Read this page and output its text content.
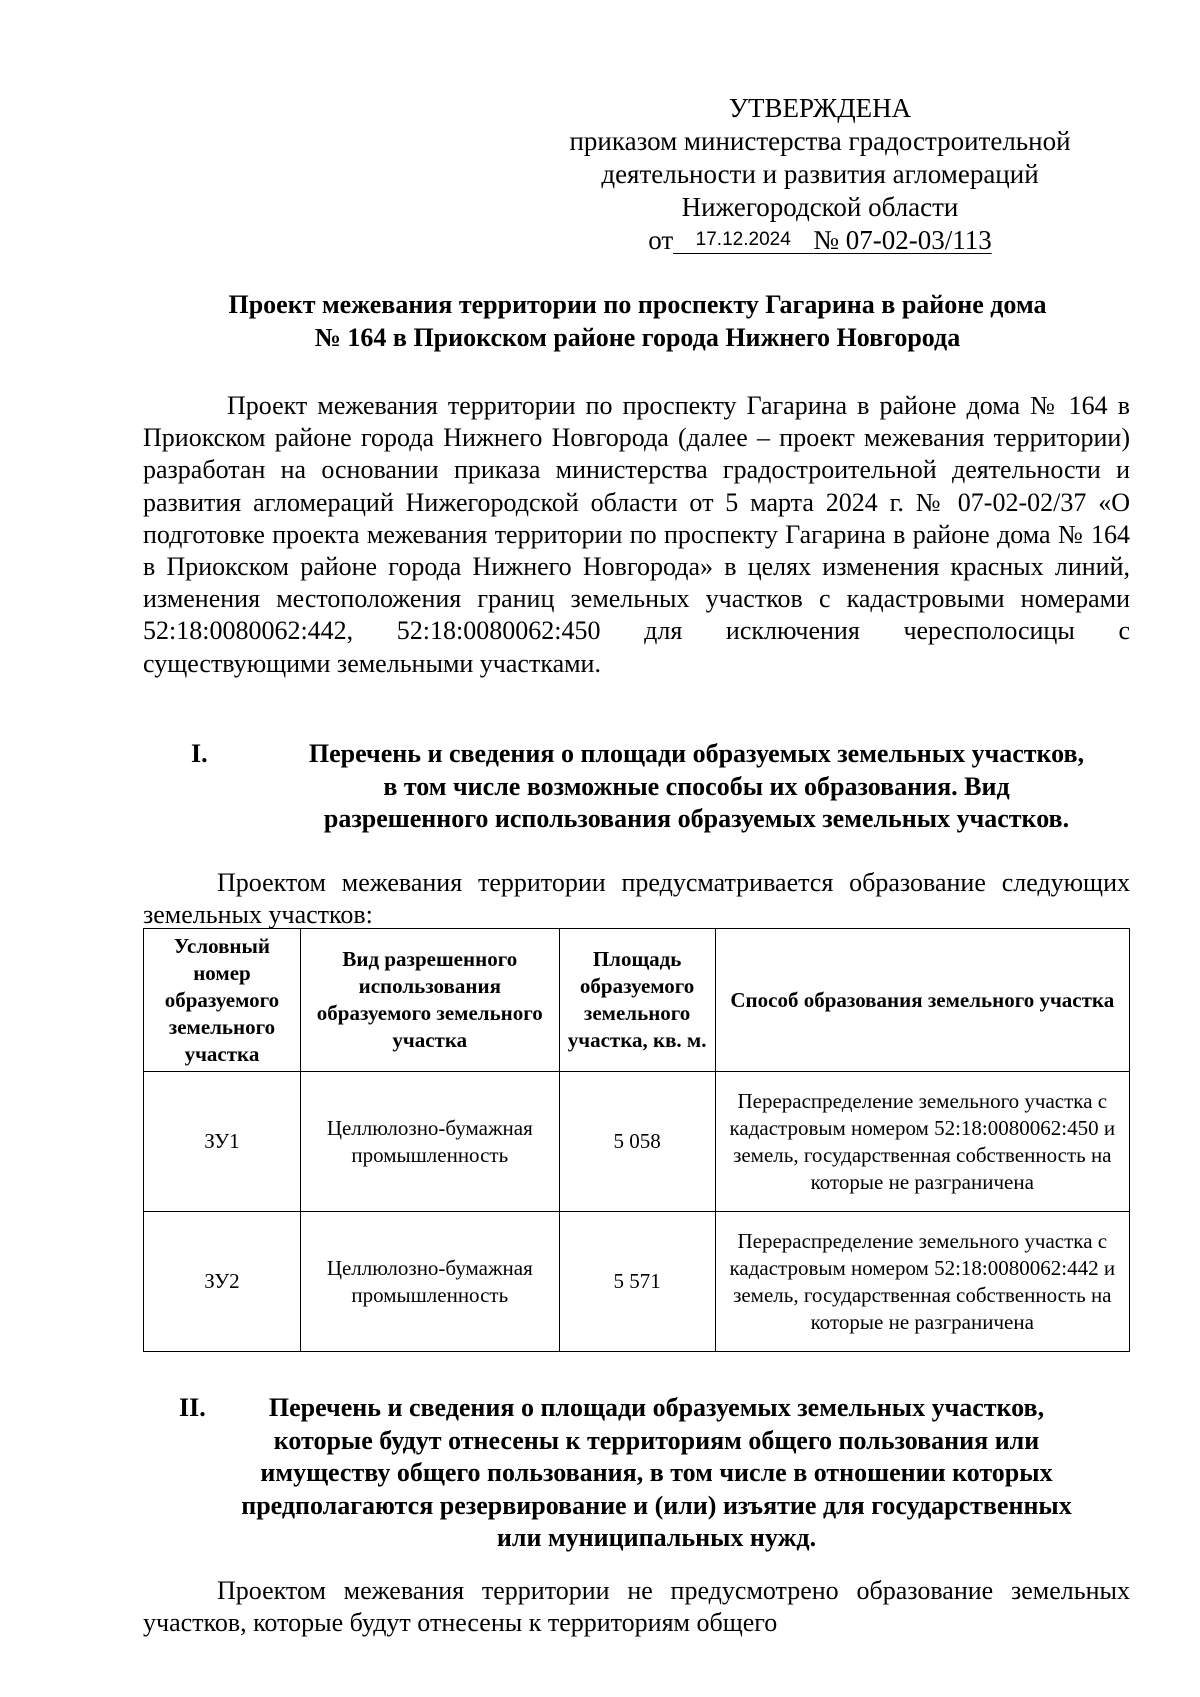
УТВЕРЖДЕНА
приказом министерства градостроительной
деятельности и развития агломераций
Нижегородской области
от 17.12.2024 № 07-02-03/113
Проект межевания территории по проспекту Гагарина в районе дома
№ 164 в Приокском районе города Нижнего Новгорода
Проект межевания территории по проспекту Гагарина в районе дома № 164 в Приокском районе города Нижнего Новгорода (далее – проект межевания территории) разработан на основании приказа министерства градостроительной деятельности и развития агломераций Нижегородской области от 5 марта 2024 г. № 07-02-02/37 «О подготовке проекта межевания территории по проспекту Гагарина в районе дома № 164 в Приокском районе города Нижнего Новгорода» в целях изменения красных линий, изменения местоположения границ земельных участков с кадастровыми номерами 52:18:0080062:442, 52:18:0080062:450 для исключения чересполосицы с существующими земельными участками.
I.	Перечень и сведения о площади образуемых земельных участков,
в том числе возможные способы их образования. Вид
разрешенного использования образуемых земельных участков.
Проектом межевания территории предусматривается образование следующих земельных участков:
Условный номер образуемого земельного участка	Вид разрешенного использования образуемого земельного участка	Площадь образуемого земельного участка, кв. м.	Способ образования земельного участка
ЗУ1	Целлюлозно-бумажная промышленность	5 058	Перераспределение земельного участка с кадастровым номером 52:18:0080062:450 и земель, государственная собственность на которые не разграничена
ЗУ2	Целлюлозно-бумажная промышленность	5 571	Перераспределение земельного участка с кадастровым номером 52:18:0080062:442 и земель, государственная собственность на которые не разграничена
II.	Перечень и сведения о площади образуемых земельных участков,
которые будут отнесены к территориям общего пользования или
имуществу общего пользования, в том числе в отношении которых
предполагаются резервирование и (или) изъятие для государственных
или муниципальных нужд.
Проектом межевания территории не предусмотрено образование земельных участков, которые будут отнесены к территориям общего
